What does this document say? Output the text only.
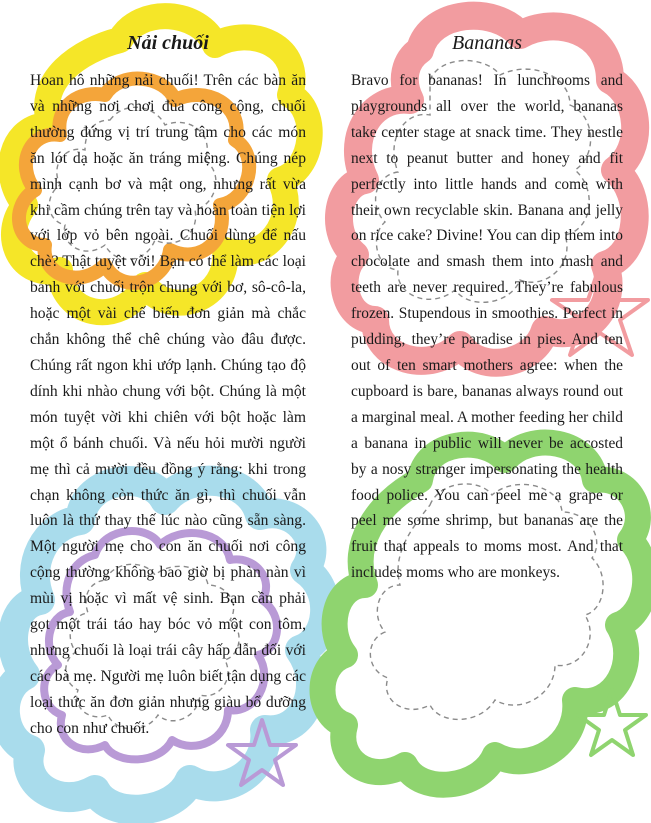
Nải chuối

Hoan hô những nải chuối! Trên các bàn ăn và những nơi chơi đùa công cộng, chuối thường đứng vị trí trung tâm cho các món ăn lót dạ hoặc ăn tráng miệng. Chúng nép mình cạnh bơ và mật ong, nhưng rất vừa khi cầm chúng trên tay và hoàn toàn tiện lợi với lớp vỏ bên ngoài. Chuối dùng để nấu chè? Thật tuyệt vời! Bạn có thể làm các loại bánh với chuối trộn chung với bơ, sô-cô-la, hoặc một vài chế biến đơn giản mà chắc chắn không thể chê chúng vào đâu được. Chúng rất ngon khi ướp lạnh. Chúng tạo độ dính khi nhào chung với bột. Chúng là một món tuyệt vời khi chiên với bột hoặc làm một ổ bánh chuối. Và nếu hỏi mười người mẹ thì cả mười đều đồng ý rằng: khi trong chạn không còn thức ăn gì, thì chuối vẫn luôn là thứ thay thế lúc nào cũng sẵn sàng. Một người mẹ cho con ăn chuối nơi công cộng thường không bao giờ bị phàn nàn vì mùi vị hoặc vì mất vệ sinh. Bạn cần phải gọt một trái táo hay bóc vỏ một con tôm, nhưng chuối là loại trái cây hấp dẫn đối với các bà mẹ. Người mẹ luôn biết tận dụng các loại thức ăn đơn giản nhưng giàu bổ dưỡng cho con như chuối.

Bananas

Bravo for bananas! In lunchrooms and playgrounds all over the world, bananas take center stage at snack time. They nestle next to peanut butter and honey and fit perfectly into little hands and come with their own recyclable skin. Banana and jelly on rice cake? Divine! You can dip them into chocolate and smash them into mash and teeth are never required. They’re fabulous frozen. Stupendous in smoothies. Perfect in pudding, they’re paradise in pies. And ten out of ten smart mothers agree: when the cupboard is bare, bananas always round out a marginal meal. A mother feeding her child a banana in public will never be accosted by a nosy stranger impersonating the health food police. You can peel me a grape or peel me some shrimp, but bananas are the fruit that appeals to moms most. And that includes moms who are monkeys.
